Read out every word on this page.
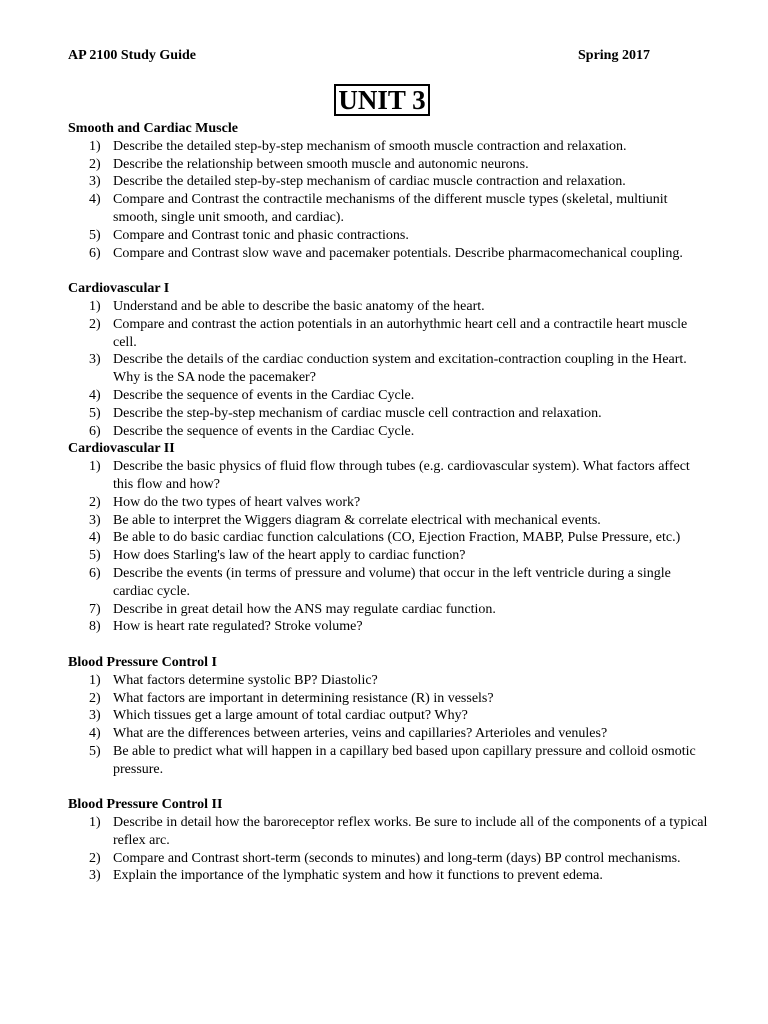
AP 2100 Study Guide	Spring 2017
UNIT 3
Smooth and Cardiac Muscle
1) Describe the detailed step-by-step mechanism of smooth muscle contraction and relaxation.
2) Describe the relationship between smooth muscle and autonomic neurons.
3) Describe the detailed step-by-step mechanism of cardiac muscle contraction and relaxation.
4) Compare and Contrast the contractile mechanisms of the different muscle types (skeletal, multiunit smooth, single unit smooth, and cardiac).
5) Compare and Contrast tonic and phasic contractions.
6) Compare and Contrast slow wave and pacemaker potentials. Describe pharmacomechanical coupling.
Cardiovascular I
1) Understand and be able to describe the basic anatomy of the heart.
2) Compare and contrast the action potentials in an autorhythmic heart cell and a contractile heart muscle cell.
3) Describe the details of the cardiac conduction system and excitation-contraction coupling in the Heart. Why is the SA node the pacemaker?
4) Describe the sequence of events in the Cardiac Cycle.
5) Describe the step-by-step mechanism of cardiac muscle cell contraction and relaxation.
6) Describe the sequence of events in the Cardiac Cycle.
Cardiovascular II
1) Describe the basic physics of fluid flow through tubes (e.g. cardiovascular system). What factors affect this flow and how?
2) How do the two types of heart valves work?
3) Be able to interpret the Wiggers diagram & correlate electrical with mechanical events.
4) Be able to do basic cardiac function calculations (CO, Ejection Fraction, MABP, Pulse Pressure, etc.)
5) How does Starling's law of the heart apply to cardiac function?
6) Describe the events (in terms of pressure and volume) that occur in the left ventricle during a single cardiac cycle.
7) Describe in great detail how the ANS may regulate cardiac function.
8) How is heart rate regulated? Stroke volume?
Blood Pressure Control I
1) What factors determine systolic BP? Diastolic?
2) What factors are important in determining resistance (R) in vessels?
3) Which tissues get a large amount of total cardiac output? Why?
4) What are the differences between arteries, veins and capillaries? Arterioles and venules?
5) Be able to predict what will happen in a capillary bed based upon capillary pressure and colloid osmotic pressure.
Blood Pressure Control II
1) Describe in detail how the baroreceptor reflex works. Be sure to include all of the components of a typical reflex arc.
2) Compare and Contrast short-term (seconds to minutes) and long-term (days) BP control mechanisms.
3) Explain the importance of the lymphatic system and how it functions to prevent edema.
